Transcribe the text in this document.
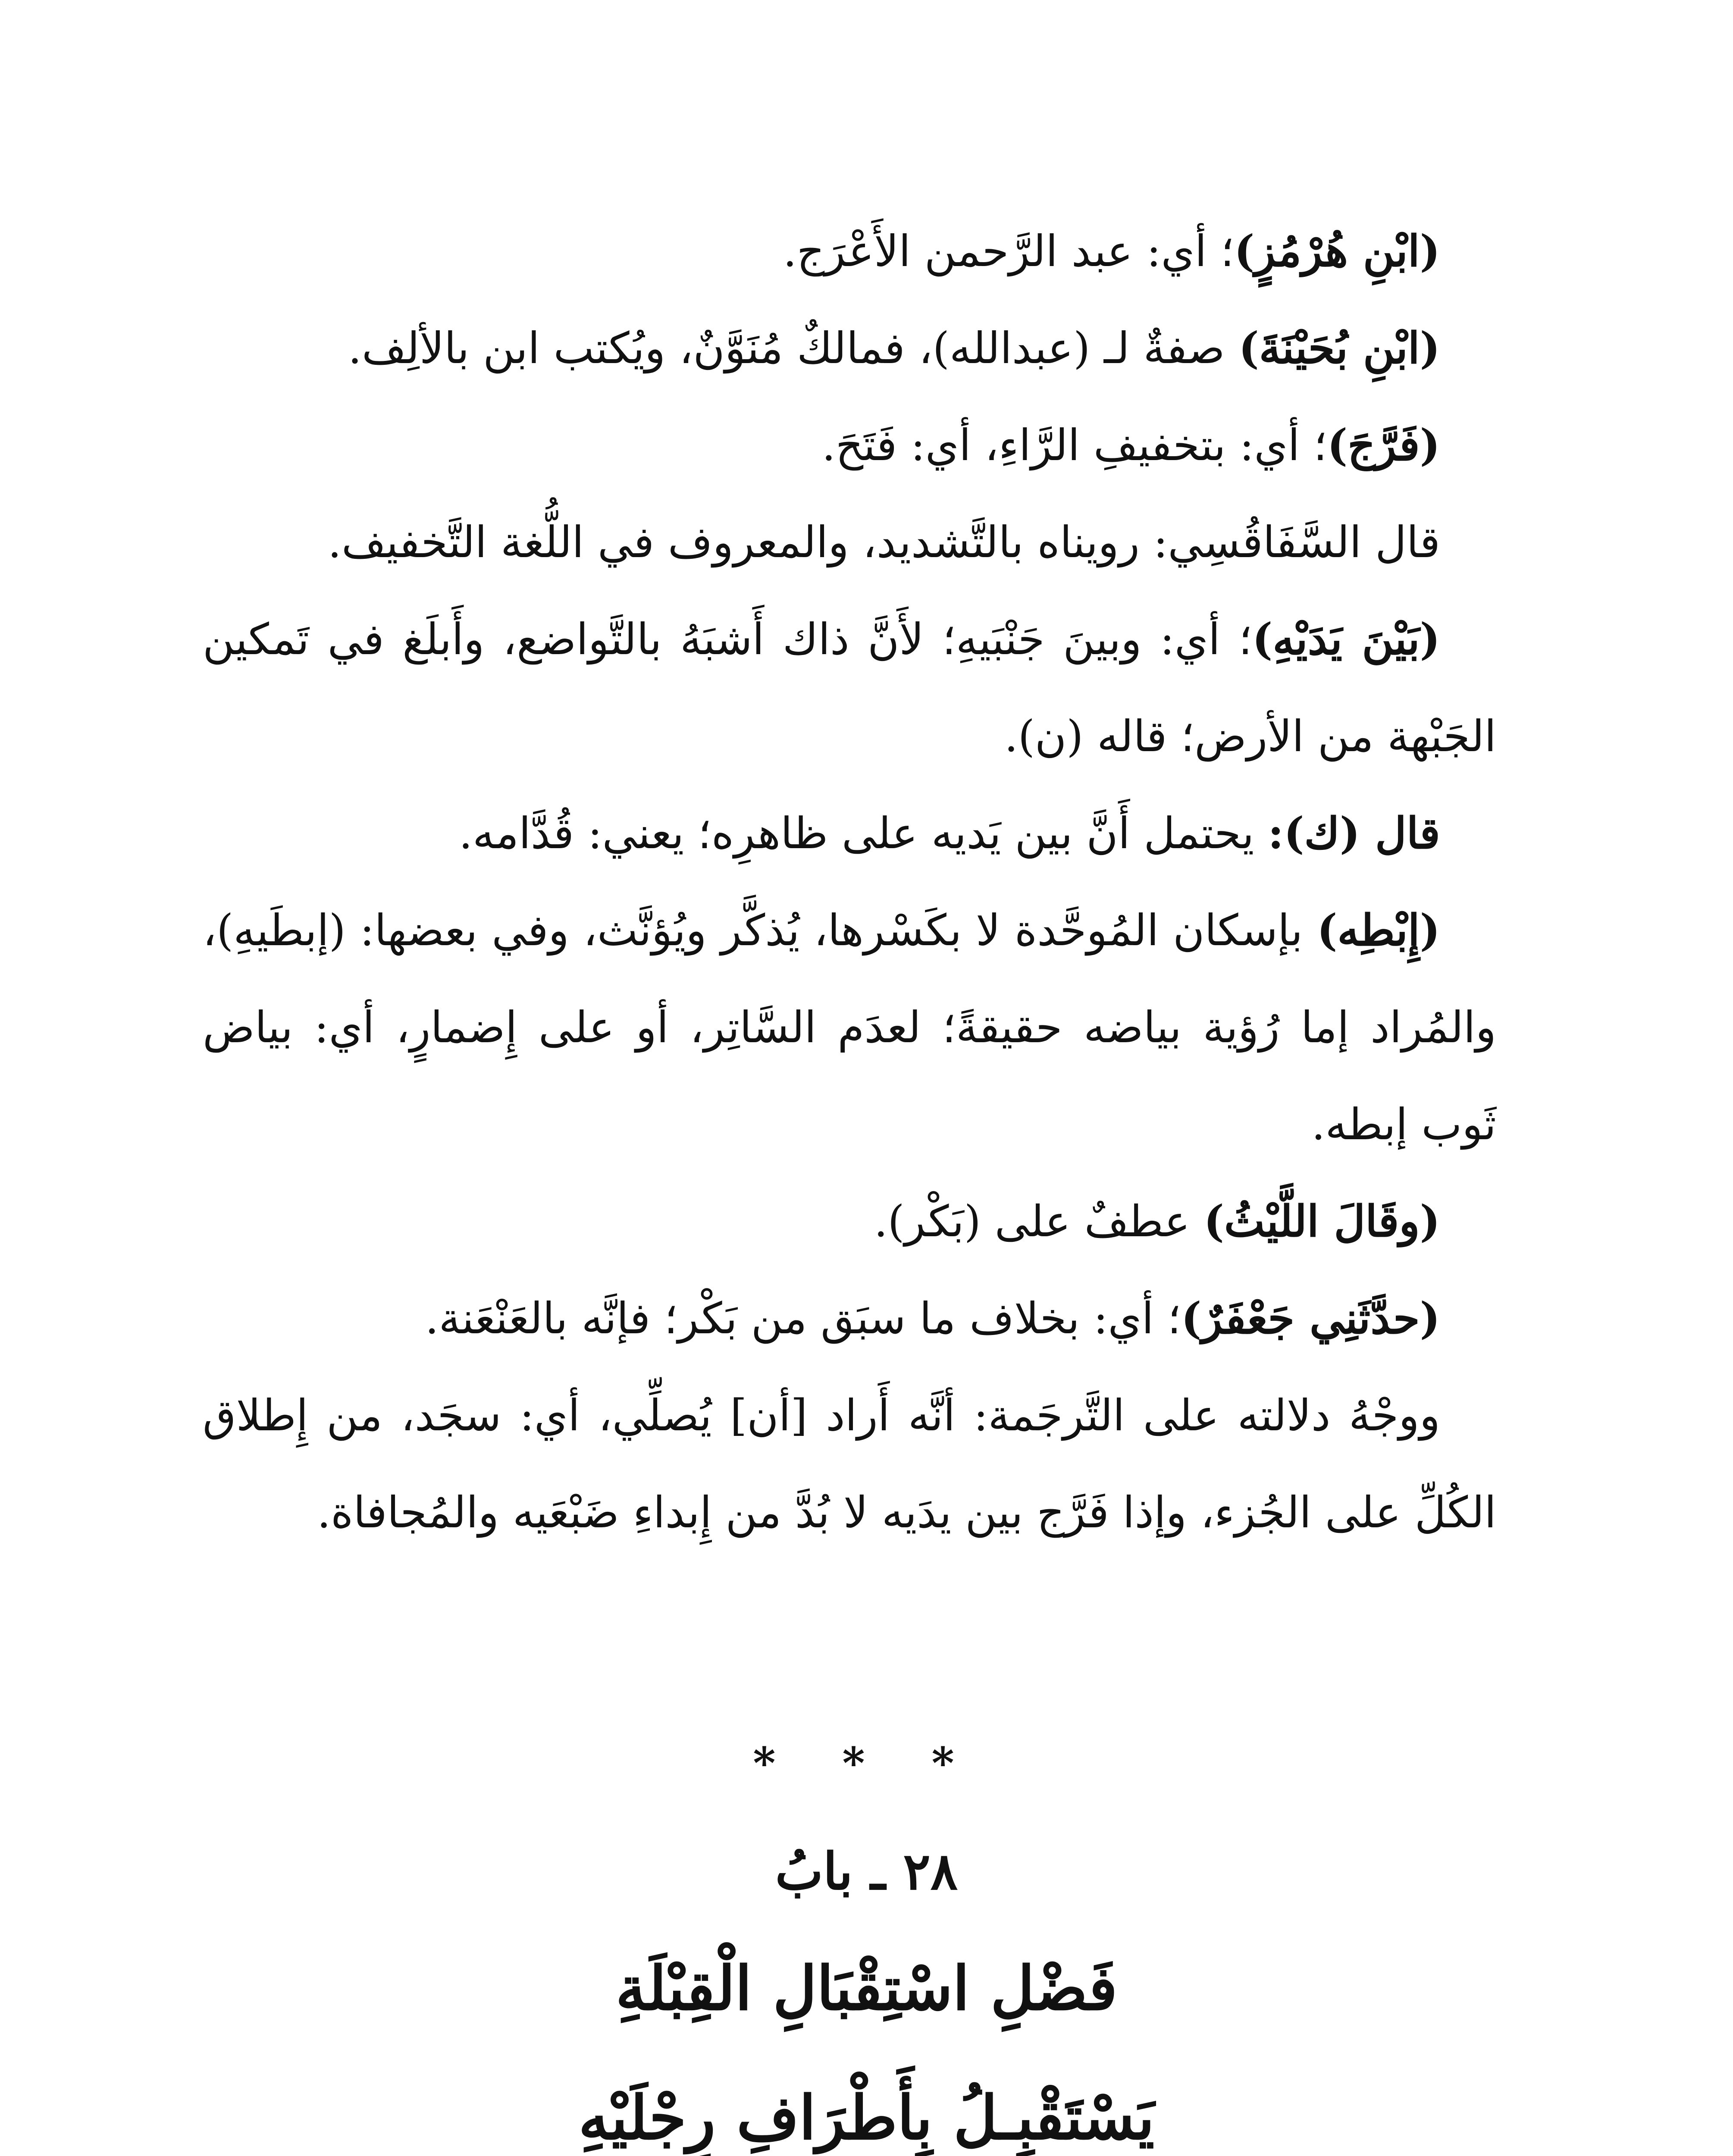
(ابْنِ هُرْمُزٍ)؛ أي: عبد الرَّحمن الأَعْرَج.

(ابْنِ بُحَيْنَةَ) صفةٌ لـ (عبدالله)، فمالكٌ مُنَوَّنٌ، ويُكتب ابن بالألِف.

(فَرَّجَ)؛ أي: بتخفيفِ الرَّاءِ، أي: فَتَحَ.

قال السَّفَاقُسِي: رويناه بالتَّشديد، والمعروف في اللُّغة التَّخفيف.

(بَيْنَ يَدَيْهِ)؛ أي: وبينَ جَنْبَيهِ؛ لأَنَّ ذاك أَشبَهُ بالتَّواضع، وأَبلَغ في تَمكين الجَبْهة من الأرض؛ قاله (ن).

قال (ك): يحتمل أَنَّ بين يَديه على ظاهرِه؛ يعني: قُدَّامه.

(إِبْطِه) بإسكان المُوحَّدة لا بكَسْرها، يُذكَّر ويُؤنَّث، وفي بعضها: (إبطَيهِ)، والمُراد إما رُؤية بياضه حقيقةً؛ لعدَم السَّاتِر، أو على إِضمارٍ، أي: بياض ثَوب إبطه.

(وقَالَ اللَّيْثُ) عطفٌ على (بَكْر).

(حدَّثَنِي جَعْفَرٌ)؛ أي: بخلاف ما سبَق من بَكْر؛ فإنَّه بالعَنْعَنة.

ووجْهُ دلالته على التَّرجَمة: أنَّه أَراد [أن] يُصلِّي، أي: سجَد، من إِطلاق الكُلِّ على الجُزء، وإذا فَرَّج بين يدَيه لا بُدَّ من إِبداءِ ضَبْعَيه والمُجافاة.

* * *
٢٨ ـ بابُ
فَضْلِ اسْتِقْبَالِ الْقِبْلَةِ
يَسْتَقْبِـلُ بِأَطْرَافِ رِجْلَيْهِ
